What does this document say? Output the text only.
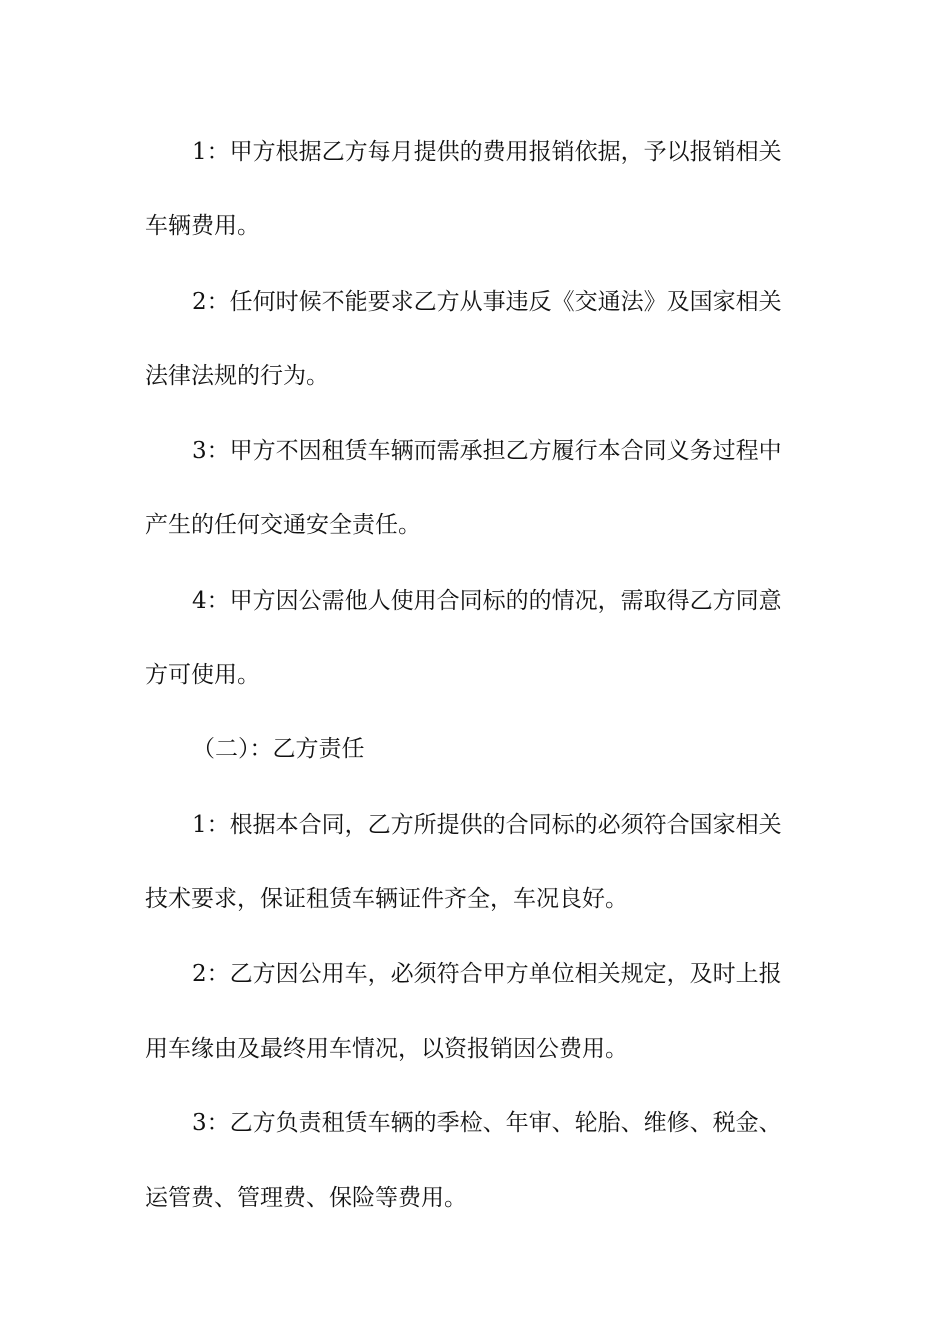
1：甲方根据乙方每月提供的费用报销依据，予以报销相关
车辆费用。
2：任何时候不能要求乙方从事违反《交通法》及国家相关
法律法规的行为。
3：甲方不因租赁车辆而需承担乙方履行本合同义务过程中
产生的任何交通安全责任。
4：甲方因公需他人使用合同标的的情况，需取得乙方同意
方可使用。
（二）：乙方责任
1：根据本合同，乙方所提供的合同标的必须符合国家相关
技术要求，保证租赁车辆证件齐全，车况良好。
2：乙方因公用车，必须符合甲方单位相关规定，及时上报
用车缘由及最终用车情况，以资报销因公费用。
3：乙方负责租赁车辆的季检、年审、轮胎、维修、税金、
运管费、管理费、保险等费用。
